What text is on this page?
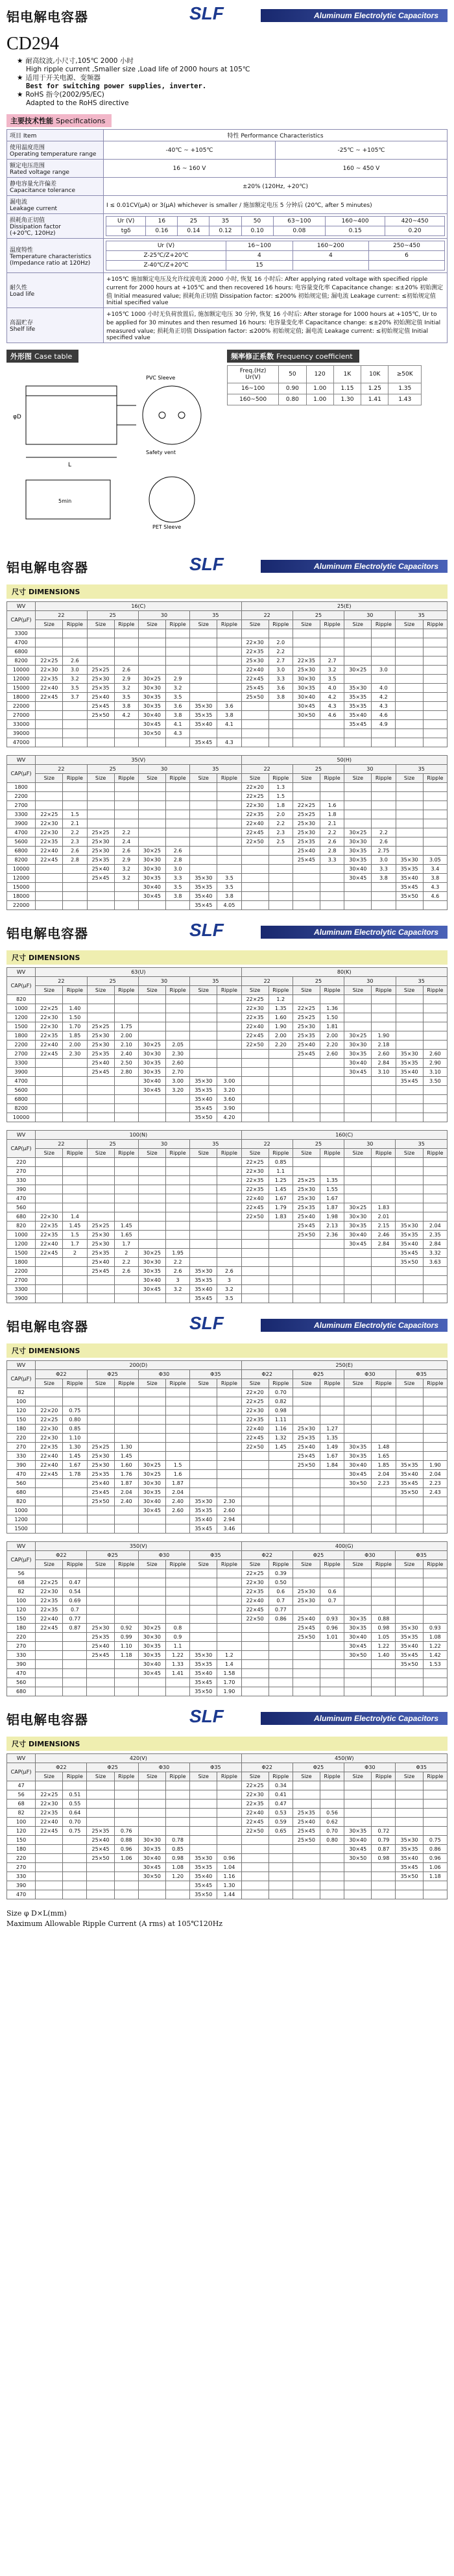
铝电解电容器	SLF	Aluminum Electrolytic Capacitors
CD294
★ 耐高纹波,小尺寸,105℃ 2000 小时
High ripple current ,Smaller size ,Load life of 2000 hours at 105℃
★ 适用于开关电源、变频器
Best for switching power supplies, inverter.
★ RoHS 指令(2002/95/EC)
Adapted to the RoHS directive
主要技术性能 Specifications
项目 Item	特性 Performance Characteristics
使用温度范围
Operating temperature range	-40℃ ~ +105℃	-25℃ ~ +105℃
额定电压范围
Rated voltage range	16 ~ 160 V	160 ~ 450 V
静电容量允许偏差
Capacitance tolerance	±20% (120Hz, +20℃)
漏电流
Leakage current	I ≤ 0.01CV(μA) or 3(μA) whichever is smaller / 施加额定电压 5 分钟后 (20℃, after 5 minutes)
损耗角正切值
Dissipation factor
(+20℃, 120Hz)	
Ur (V)	16	25	35	50	63~100	160~400	420~450
tgδ	0.16	0.14	0.12	0.10	0.08	0.15	0.20

温度特性
Temperature characteristics
(Impedance ratio at 120Hz)	
Ur (V)	16~100	160~200	250~450
Z-25℃/Z+20℃	4	4	6
Z-40℃/Z+20℃	15		

耐久性
Load life	+105℃ 施加额定电压及允许纹波电流 2000 小时, 恢复 16 小时后: After applying rated voltage with specified ripple current for 2000 hours at +105℃ and then recovered 16 hours: 电容量变化率 Capacitance change: ≤±20% 初始测定值 Initial measured value; 损耗角正切值 Dissipation factor: ≤200% 初始规定值; 漏电流 Leakage current: ≤初始规定值 Initial specified value
高温贮存
Shelf life	+105℃ 1000 小时无负荷放置后, 施加额定电压 30 分钟, 恢复 16 小时后: After storage for 1000 hours at +105℃, Ur to be applied for 30 minutes and then resumed 16 hours: 电容量变化率 Capacitance change: ≤±20% 初始测定值 Initial measured value; 损耗角正切值 Dissipation factor: ≤200% 初始规定值; 漏电流 Leakage current: ≤初始规定值 Initial specified value
外形图 Case table
L
φD
PVC Sleeve
Safety vent
5min
PET Sleeve
频率修正系数 Frequency coefficient
Freq.(Hz)
Ur(V)	50	120	1K	10K	≥50K
16~100	0.90	1.00	1.15	1.25	1.35
160~500	0.80	1.00	1.30	1.41	1.43
铝电解电容器	SLF	Aluminum Electrolytic Capacitors
尺寸 DIMENSIONS
WV	16(C)								25(E)							
CAP(μF)	22		25		30		35		22		25		30		35	
	Size	Ripple	Size	Ripple	Size	Ripple	Size	Ripple	Size	Ripple	Size	Ripple	Size	Ripple	Size	Ripple
3300																
4700									22×30	2.0						
6800									22×35	2.2						
8200	22×25	2.6							25×30	2.7	22×35	2.7				
10000	22×30	3.0	25×25	2.6					22×40	3.0	25×30	3.2	30×25	3.0		
12000	22×35	3.2	25×30	2.9	30×25	2.9			22×45	3.3	30×30	3.5				
15000	22×40	3.5	25×35	3.2	30×30	3.2			25×45	3.6	30×35	4.0	35×30	4.0		
18000	22×45	3.7	25×40	3.5	30×35	3.5			25×50	3.8	30×40	4.2	35×35	4.2		
22000			25×45	3.8	30×35	3.6	35×30	3.6			30×45	4.3	35×35	4.3		
27000			25×50	4.2	30×40	3.8	35×35	3.8			30×50	4.6	35×40	4.6		
33000					30×45	4.1	35×40	4.1					35×45	4.9		
39000					30×50	4.3										
47000							35×45	4.3								
WV	35(V)								50(H)							
CAP(μF)	22		25		30		35		22		25		30		35	
	Size	Ripple	Size	Ripple	Size	Ripple	Size	Ripple	Size	Ripple	Size	Ripple	Size	Ripple	Size	Ripple
1800									22×20	1.3						
2200									22×25	1.5						
2700									22×30	1.8	22×25	1.6				
3300	22×25	1.5							22×35	2.0	25×25	1.8				
3900	22×30	2.1							22×40	2.2	25×30	2.1				
4700	22×30	2.2	25×25	2.2					22×45	2.3	25×30	2.2	30×25	2.2		
5600	22×35	2.3	25×30	2.4					22×50	2.5	25×35	2.6	30×30	2.6		
6800	22×40	2.6	25×30	2.6	30×25	2.6					25×40	2.8	30×35	2.75		
8200	22×45	2.8	25×35	2.9	30×30	2.8					25×45	3.3	30×35	3.0	35×30	3.05
10000			25×40	3.2	30×30	3.0							30×40	3.3	35×35	3.4
12000			25×45	3.2	30×35	3.3	35×30	3.5					30×45	3.8	35×40	3.8
15000					30×40	3.5	35×35	3.5							35×45	4.3
18000					30×45	3.8	35×40	3.8							35×50	4.6
22000							35×45	4.05								
铝电解电容器	SLF	Aluminum Electrolytic Capacitors
尺寸 DIMENSIONS
WV	63(U)								80(K)							
CAP(μF)	22		25		30		35		22		25		30		35	
	Size	Ripple	Size	Ripple	Size	Ripple	Size	Ripple	Size	Ripple	Size	Ripple	Size	Ripple	Size	Ripple
820									22×25	1.2						
1000	22×25	1.40							22×30	1.35	22×25	1.36				
1200	22×30	1.50							22×35	1.60	25×25	1.50				
1500	22×30	1.70	25×25	1.75					22×40	1.90	25×30	1.81				
1800	22×35	1.85	25×30	2.00					22×45	2.00	25×35	2.00	30×25	1.90		
2200	22×40	2.00	25×30	2.10	30×25	2.05			22×50	2.20	25×40	2.20	30×30	2.18		
2700	22×45	2.30	25×35	2.40	30×30	2.30					25×45	2.60	30×35	2.60	35×30	2.60
3300			25×40	2.50	30×35	2.60							30×40	2.84	35×35	2.90
3900			25×45	2.80	30×35	2.70							30×45	3.10	35×40	3.10
4700					30×40	3.00	35×30	3.00							35×45	3.50
5600					30×45	3.20	35×35	3.20								
6800							35×40	3.60								
8200							35×45	3.90								
10000							35×50	4.20								
WV	100(N)								160(C)							
CAP(μF)	22		25		30		35		22		25		30		35	
	Size	Ripple	Size	Ripple	Size	Ripple	Size	Ripple	Size	Ripple	Size	Ripple	Size	Ripple	Size	Ripple
220									22×25	0.85						
270									22×30	1.1						
330									22×35	1.25	25×25	1.35				
390									22×35	1.45	25×30	1.55				
470									22×40	1.67	25×30	1.67				
560									22×45	1.79	25×35	1.87	30×25	1.83		
680	22×30	1.4							22×50	1.83	25×40	1.98	30×30	2.01		
820	22×35	1.45	25×25	1.45							25×45	2.13	30×35	2.15	35×30	2.04
1000	22×35	1.5	25×30	1.65							25×50	2.36	30×40	2.46	35×35	2.35
1200	22×40	1.7	25×30	1.7									30×45	2.84	35×40	2.84
1500	22×45	2	25×35	2	30×25	1.95									35×45	3.32
1800			25×40	2.2	30×30	2.2									35×50	3.63
2200			25×45	2.6	30×35	2.6	35×30	2.6								
2700					30×40	3	35×35	3								
3300					30×45	3.2	35×40	3.2								
3900							35×45	3.5								
铝电解电容器	SLF	Aluminum Electrolytic Capacitors
尺寸 DIMENSIONS
WV	200(D)								250(E)							
CAP(μF)	Φ22		Φ25		Φ30		Φ35		Φ22		Φ25		Φ30		Φ35	
	Size	Ripple	Size	Ripple	Size	Ripple	Size	Ripple	Size	Ripple	Size	Ripple	Size	Ripple	Size	Ripple
82									22×20	0.70						
100									22×25	0.82						
120	22×20	0.75							22×30	0.98						
150	22×25	0.80							22×35	1.11						
180	22×30	0.85							22×40	1.16	25×30	1.27				
220	22×30	1.10							22×45	1.32	25×35	1.35				
270	22×35	1.30	25×25	1.30					22×50	1.45	25×40	1.49	30×35	1.48		
330	22×40	1.45	25×30	1.45							25×45	1.67	30×35	1.65		
390	22×40	1.67	25×30	1.60	30×25	1.5					25×50	1.84	30×40	1.85	35×35	1.90
470	22×45	1.78	25×35	1.76	30×25	1.6							30×45	2.04	35×40	2.04
560			25×40	1.87	30×30	1.87							30×50	2.23	35×45	2.23
680			25×45	2.04	30×35	2.04									35×50	2.43
820			25×50	2.40	30×40	2.40	35×30	2.30								
1000					30×45	2.60	35×35	2.60								
1200							35×40	2.94								
1500							35×45	3.46								
WV	350(V)								400(G)							
CAP(μF)	Φ22		Φ25		Φ30		Φ35		Φ22		Φ25		Φ30		Φ35	
	Size	Ripple	Size	Ripple	Size	Ripple	Size	Ripple	Size	Ripple	Size	Ripple	Size	Ripple	Size	Ripple
56									22×25	0.39						
68	22×25	0.47							22×30	0.50						
82	22×30	0.54							22×35	0.6	25×30	0.6				
100	22×35	0.69							22×40	0.7	25×30	0.7				
120	22×35	0.7							22×45	0.77						
150	22×40	0.77							22×50	0.86	25×40	0.93	30×35	0.88		
180	22×45	0.87	25×30	0.92	30×25	0.8					25×45	0.96	30×35	0.98	35×30	0.93
220			25×35	0.99	30×30	0.9					25×50	1.01	30×40	1.05	35×35	1.08
270			25×40	1.10	30×35	1.1							30×45	1.22	35×40	1.22
330			25×45	1.18	30×35	1.22	35×30	1.2					30×50	1.40	35×45	1.42
390					30×40	1.33	35×35	1.4							35×50	1.53
470					30×45	1.41	35×40	1.58								
560							35×45	1.70								
680							35×50	1.90								
铝电解电容器	SLF	Aluminum Electrolytic Capacitors
尺寸 DIMENSIONS
WV	420(V)								450(W)							
CAP(μF)	Φ22		Φ25		Φ30		Φ35		Φ22		Φ25		Φ30		Φ35	
	Size	Ripple	Size	Ripple	Size	Ripple	Size	Ripple	Size	Ripple	Size	Ripple	Size	Ripple	Size	Ripple
47									22×25	0.34						
56	22×25	0.51							22×30	0.41						
68	22×30	0.55							22×35	0.47						
82	22×35	0.64							22×40	0.53	25×35	0.56				
100	22×40	0.70							22×45	0.59	25×40	0.62				
120	22×45	0.75	25×35	0.76					22×50	0.65	25×45	0.70	30×35	0.72		
150			25×40	0.88	30×30	0.78					25×50	0.80	30×40	0.79	35×30	0.75
180			25×45	0.96	30×35	0.85							30×45	0.87	35×35	0.86
220			25×50	1.06	30×40	0.98	35×30	0.96					30×50	0.98	35×40	0.96
270					30×45	1.08	35×35	1.04							35×45	1.06
330					30×50	1.20	35×40	1.16							35×50	1.18
390							35×45	1.30								
470							35×50	1.44								
Size φ D×L(mm)
Maximum Allowable Ripple Current (A rms) at 105℃120Hz
